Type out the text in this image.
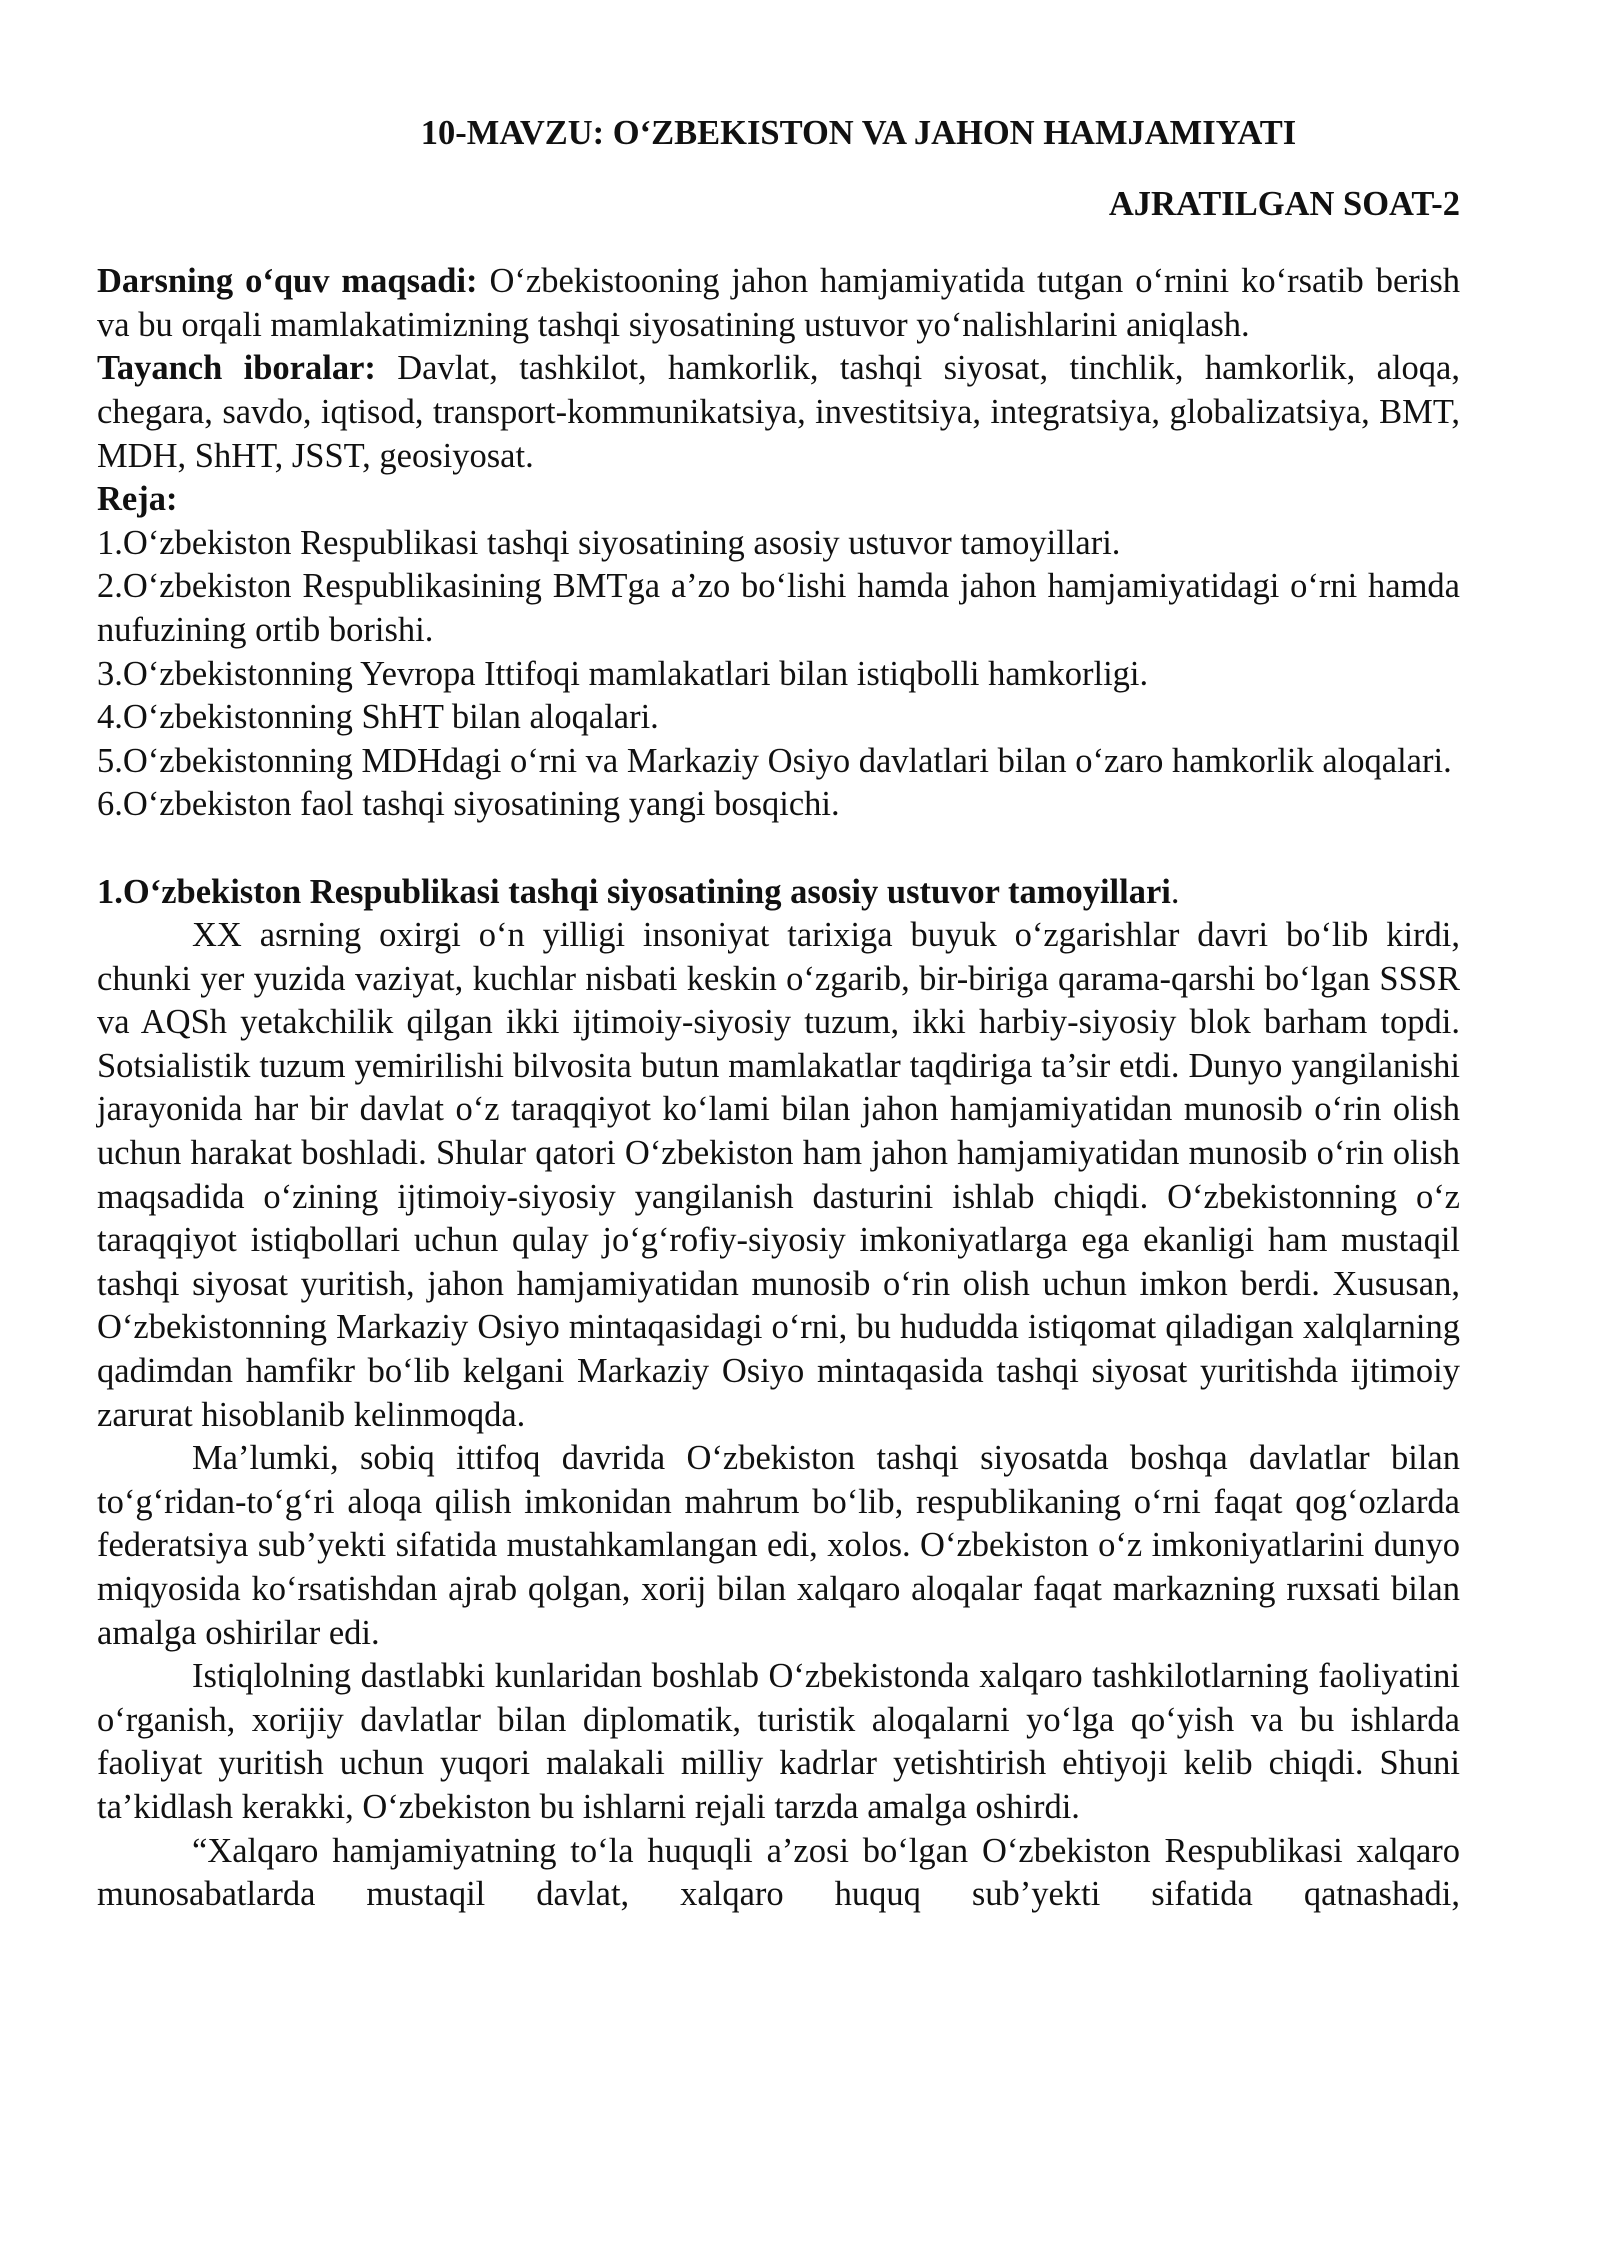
10-MAVZU: O‘ZBEKISTON VA JAHON HAMJAMIYATI

AJRATILGAN SOAT-2

Darsning o‘quv maqsadi: O‘zbekistooning jahon hamjamiyatida tutgan o‘rnini ko‘rsatib berish va bu orqali mamlakatimizning tashqi siyosatining ustuvor yo‘nalishlarini aniqlash.

Tayanch iboralar: Davlat, tashkilot, hamkorlik, tashqi siyosat, tinchlik, hamkorlik, aloqa, chegara, savdo, iqtisod, transport-kommunikatsiya, investitsiya, integratsiya, globalizatsiya, BMT, MDH, ShHT, JSST, geosiyosat.

Reja:

1.O‘zbekiston Respublikasi tashqi siyosatining asosiy ustuvor tamoyillari.

2.O‘zbekiston Respublikasining BMTga a’zo bo‘lishi hamda jahon hamjamiyatidagi o‘rni hamda nufuzining ortib borishi.

3.O‘zbekistonning Yevropa Ittifoqi mamlakatlari bilan istiqbolli hamkorligi.

4.O‘zbekistonning ShHT bilan aloqalari.

5.O‘zbekistonning MDHdagi o‘rni va Markaziy Osiyo davlatlari bilan o‘zaro hamkorlik aloqalari.

6.O‘zbekiston faol tashqi siyosatining yangi bosqichi.

1.O‘zbekiston Respublikasi tashqi siyosatining asosiy ustuvor tamoyillari.

XX asrning oxirgi o‘n yilligi insoniyat tarixiga buyuk o‘zgarishlar davri bo‘lib kirdi, chunki yer yuzida vaziyat, kuchlar nisbati keskin o‘zgarib, bir-biriga qarama-qarshi bo‘lgan SSSR va AQSh yetakchilik qilgan ikki ijtimoiy-siyosiy tuzum, ikki harbiy-siyosiy blok barham topdi. Sotsialistik tuzum yemirilishi bilvosita butun mamlakatlar taqdiriga ta’sir etdi. Dunyo yangilanishi jarayonida har bir davlat o‘z taraqqiyot ko‘lami bilan jahon hamjamiyatidan munosib o‘rin olish uchun harakat boshladi. Shular qatori O‘zbekiston ham jahon hamjamiyatidan munosib o‘rin olish maqsadida o‘zining ijtimoiy-siyosiy yangilanish dasturini ishlab chiqdi. O‘zbekistonning o‘z taraqqiyot istiqbollari uchun qulay jo‘g‘rofiy-siyosiy imkoniyatlarga ega ekanligi ham mustaqil tashqi siyosat yuritish, jahon hamjamiyatidan munosib o‘rin olish uchun imkon berdi. Xususan, O‘zbekistonning Markaziy Osiyo mintaqasidagi o‘rni, bu hududda istiqomat qiladigan xalqlarning qadimdan hamfikr bo‘lib kelgani Markaziy Osiyo mintaqasida tashqi siyosat yuritishda ijtimoiy zarurat hisoblanib kelinmoqda.

Ma’lumki, sobiq ittifoq davrida O‘zbekiston tashqi siyosatda boshqa davlatlar bilan to‘g‘ridan-to‘g‘ri aloqa qilish imkonidan mahrum bo‘lib, respublikaning o‘rni faqat qog‘ozlarda federatsiya sub’yekti sifatida mustahkamlangan edi, xolos. O‘zbekiston o‘z imkoniyatlarini dunyo miqyosida ko‘rsatishdan ajrab qolgan, xorij bilan xalqaro aloqalar faqat markazning ruxsati bilan amalga oshirilar edi.

Istiqlolning dastlabki kunlaridan boshlab O‘zbekistonda xalqaro tashkilotlarning faoliyatini o‘rganish, xorijiy davlatlar bilan diplomatik, turistik aloqalarni yo‘lga qo‘yish va bu ishlarda faoliyat yuritish uchun yuqori malakali milliy kadrlar yetishtirish ehtiyoji kelib chiqdi. Shuni ta’kidlash kerakki, O‘zbekiston bu ishlarni rejali tarzda amalga oshirdi.

“Xalqaro hamjamiyatning to‘la huquqli a’zosi bo‘lgan O‘zbekiston Respublikasi xalqaro munosabatlarda mustaqil davlat, xalqaro huquq sub’yekti sifatida qatnashadi,
